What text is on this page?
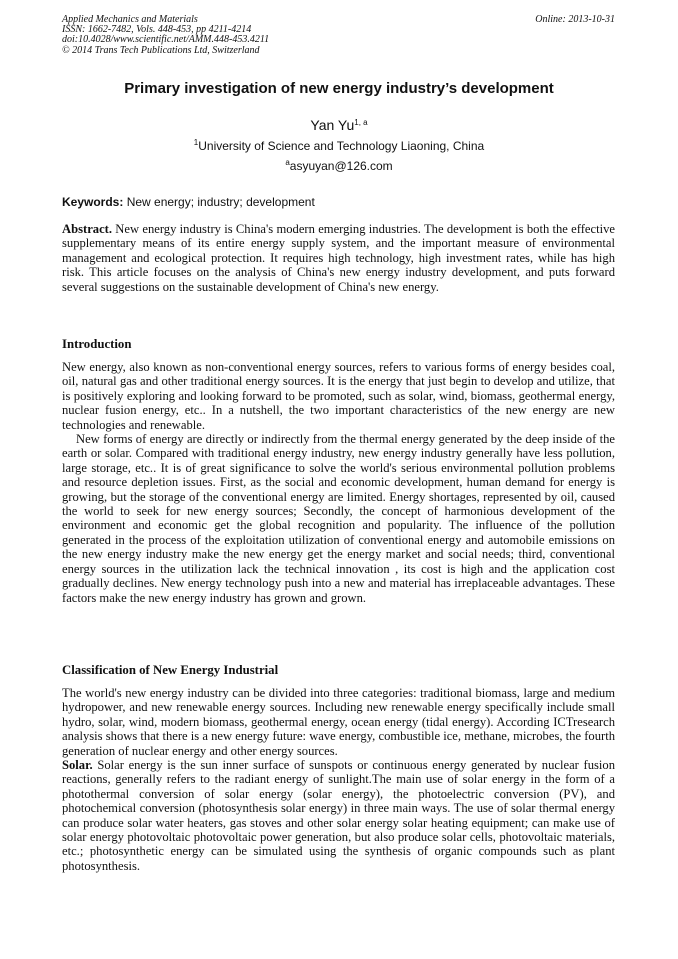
Applied Mechanics and Materials
ISSN: 1662-7482, Vols. 448-453, pp 4211-4214
doi:10.4028/www.scientific.net/AMM.448-453.4211
© 2014 Trans Tech Publications Ltd, Switzerland
Online: 2013-10-31
Primary investigation of new energy industry’s development
Yan Yu$^{1, a}$
$^1$University of Science and Technology Liaoning, China
$^a$asyuyan@126.com
Keywords: New energy; industry; development

Abstract. New energy industry is China's modern emerging industries. The development is both the effective supplementary means of its entire energy supply system, and the important measure of environmental management and ecological protection. It requires high technology, high investment rates, while has high risk. This article focuses on the analysis of China's new energy industry development, and puts forward several suggestions on the sustainable development of China's new energy.

Introduction

New energy, also known as non-conventional energy sources, refers to various forms of energy besides coal, oil, natural gas and other traditional energy sources. It is the energy that just begin to develop and utilize, that is positively exploring and looking forward to be promoted, such as solar, wind, biomass, geothermal energy, nuclear fusion energy, etc.. In a nutshell, the two important characteristics of the new energy are new technologies and renewable.

New forms of energy are directly or indirectly from the thermal energy generated by the deep inside of the earth or solar. Compared with traditional energy industry, new energy industry generally have less pollution, large storage, etc.. It is of great significance to solve the world's serious environmental pollution problems and resource depletion issues. First, as the social and economic development, human demand for energy is growing, but the storage of the conventional energy are limited. Energy shortages, represented by oil, caused the world to seek for new energy sources; Secondly, the concept of harmonious development of the environment and economic get the global recognition and popularity. The influence of the pollution generated in the process of the exploitation utilization of conventional energy and automobile emissions on the new energy industry make the new energy get the energy market and social needs; third, conventional energy sources in the utilization lack the technical innovation , its cost is high and the application cost gradually declines. New energy technology push into a new and material has irreplaceable advantages. These factors make the new energy industry has grown and grown.

Classification of New Energy Industrial

The world's new energy industry can be divided into three categories: traditional biomass, large and medium hydropower, and new renewable energy sources. Including new renewable energy specifically include small hydro, solar, wind, modern biomass, geothermal energy, ocean energy (tidal energy). According ICTresearch analysis shows that there is a new energy future: wave energy, combustible ice, methane, microbes, the fourth generation of nuclear energy and other energy sources.

Solar. Solar energy is the sun inner surface of sunspots or continuous energy generated by nuclear fusion reactions, generally refers to the radiant energy of sunlight.The main use of solar energy in the form of a photothermal conversion of solar energy (solar energy), the photoelectric conversion (PV), and photochemical conversion (photosynthesis solar energy) in three main ways. The use of solar thermal energy can produce solar water heaters, gas stoves and other solar energy solar heating equipment; can make use of solar energy photovoltaic photovoltaic power generation, but also produce solar cells, photovoltaic materials, etc.; photosynthetic energy can be simulated using the synthesis of organic compounds such as plant photosynthesis.
